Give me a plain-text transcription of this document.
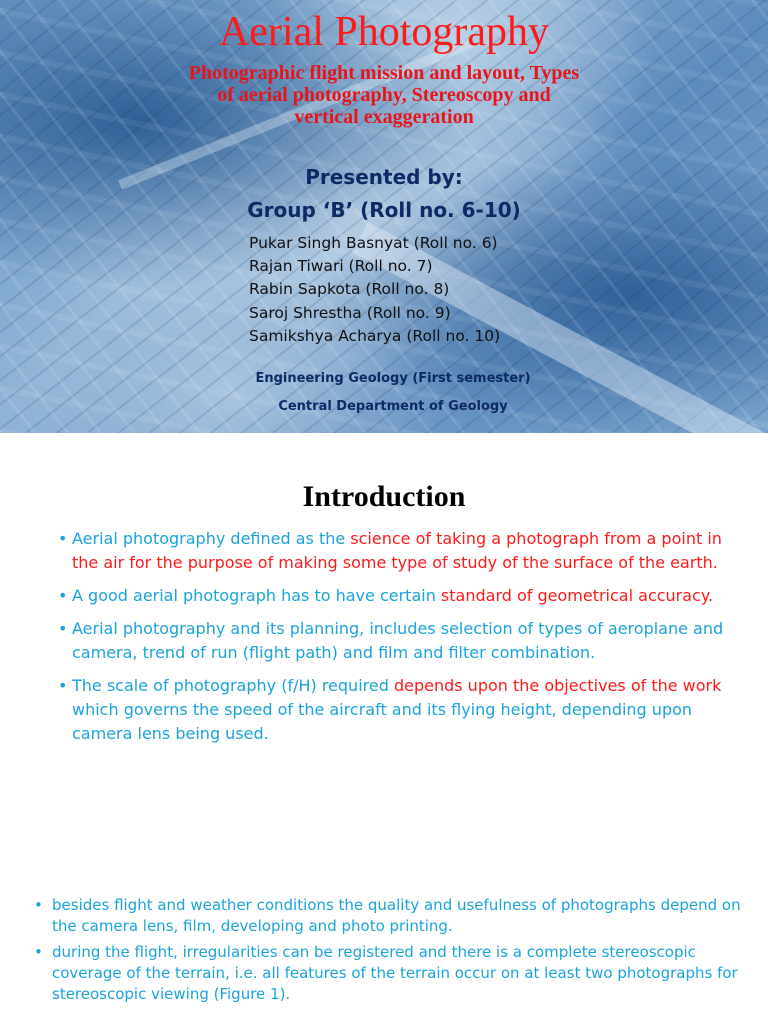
Aerial Photography
Photographic flight mission and layout, Types
of aerial photography, Stereoscopy and
vertical exaggeration
Presented by:
Group ‘B’ (Roll no. 6-10)
Pukar Singh Basnyat (Roll no. 6)
Rajan Tiwari (Roll no. 7)
Rabin Sapkota (Roll no. 8)
Saroj Shrestha (Roll no. 9)
Samikshya Acharya (Roll no. 10)
Engineering Geology (First semester)
Central Department of Geology
Introduction
• Aerial photography defined as the science of taking a photograph from a point in the air for the purpose of making some type of study of the surface of the earth.
• A good aerial photograph has to have certain standard of geometrical accuracy.
• Aerial photography and its planning, includes selection of types of aeroplane and camera, trend of run (flight path) and film and filter combination.
• The scale of photography (f/H) required depends upon the objectives of the work which governs the speed of the aircraft and its flying height, depending upon camera lens being used.
• besides flight and weather conditions the quality and usefulness of photographs depend on the camera lens, film, developing and photo printing.
• during the flight, irregularities can be registered and there is a complete stereoscopic coverage of the terrain, i.e. all features of the terrain occur on at least two photographs for stereoscopic viewing (Figure 1).
